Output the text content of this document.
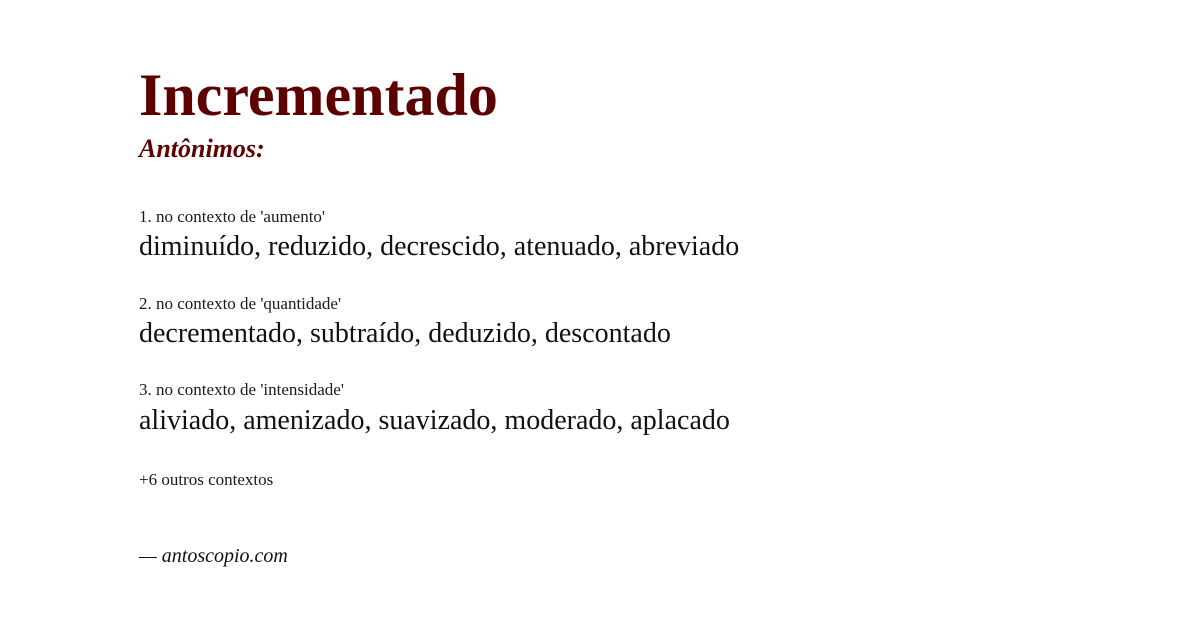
Incrementado
Antônimos:
1. no contexto de 'aumento'
diminuído, reduzido, decrescido, atenuado, abreviado
2. no contexto de 'quantidade'
decrementado, subtraído, deduzido, descontado
3. no contexto de 'intensidade'
aliviado, amenizado, suavizado, moderado, aplacado
+6 outros contextos
— antoscopio.com
